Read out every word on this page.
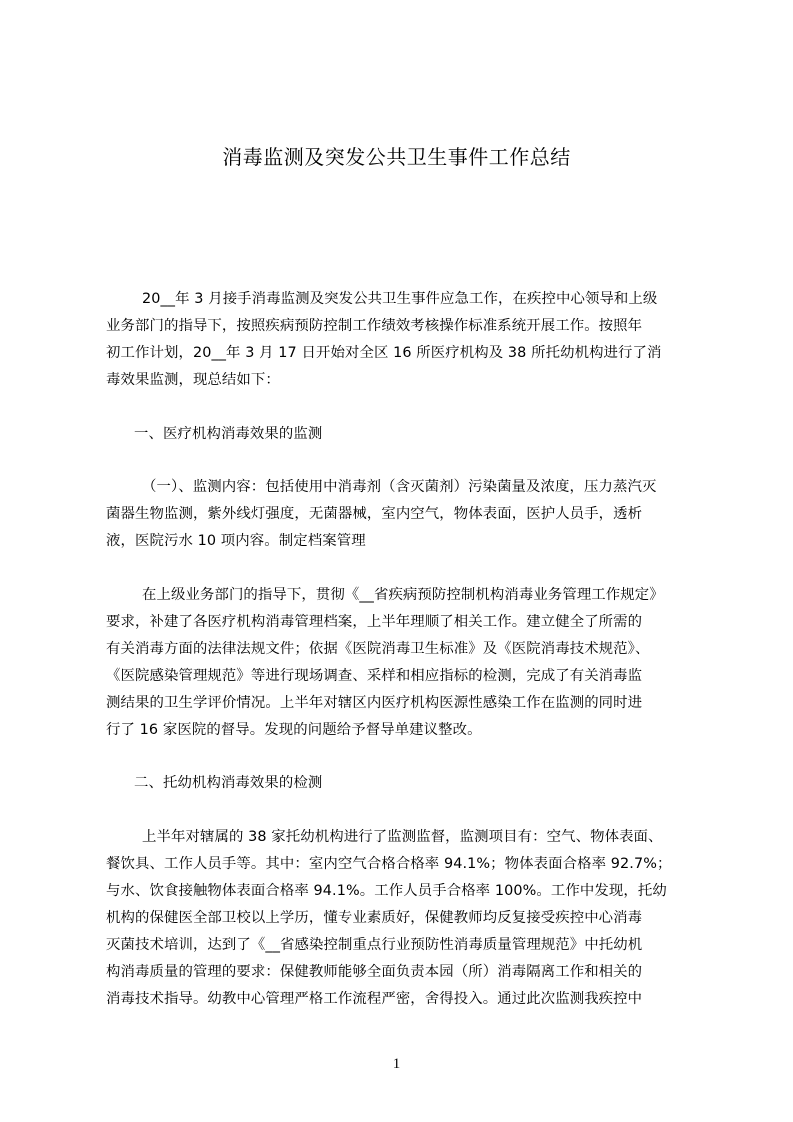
消毒监测及突发公共卫生事件工作总结
20__年 3 月接手消毒监测及突发公共卫生事件应急工作，在疾控中心领导和上级
业务部门的指导下，按照疾病预防控制工作绩效考核操作标准系统开展工作。按照年
初工作计划，20__年 3 月 17 日开始对全区 16 所医疗机构及 38 所托幼机构进行了消
毒效果监测，现总结如下：
一、医疗机构消毒效果的监测
（一）、监测内容：包括使用中消毒剂（含灭菌剂）污染菌量及浓度，压力蒸汽灭
菌器生物监测，紫外线灯强度，无菌器械，室内空气，物体表面，医护人员手，透析
液，医院污水 10 项内容。制定档案管理
在上级业务部门的指导下，贯彻《__省疾病预防控制机构消毒业务管理工作规定》
要求，补建了各医疗机构消毒管理档案，上半年理顺了相关工作。建立健全了所需的
有关消毒方面的法律法规文件；依据《医院消毒卫生标准》及《医院消毒技术规范》、
《医院感染管理规范》等进行现场调查、采样和相应指标的检测，完成了有关消毒监
测结果的卫生学评价情况。上半年对辖区内医疗机构医源性感染工作在监测的同时进
行了 16 家医院的督导。发现的问题给予督导单建议整改。
二、托幼机构消毒效果的检测
上半年对辖属的 38 家托幼机构进行了监测监督，监测项目有：空气、物体表面、
餐饮具、工作人员手等。其中：室内空气合格合格率 94.1%；物体表面合格率 92.7%；
与水、饮食接触物体表面合格率 94.1%。工作人员手合格率 100%。工作中发现，托幼
机构的保健医全部卫校以上学历，懂专业素质好，保健教师均反复接受疾控中心消毒
灭菌技术培训，达到了《__省感染控制重点行业预防性消毒质量管理规范》中托幼机
构消毒质量的管理的要求：保健教师能够全面负责本园（所）消毒隔离工作和相关的
消毒技术指导。幼教中心管理严格工作流程严密，舍得投入。通过此次监测我疾控中
1
